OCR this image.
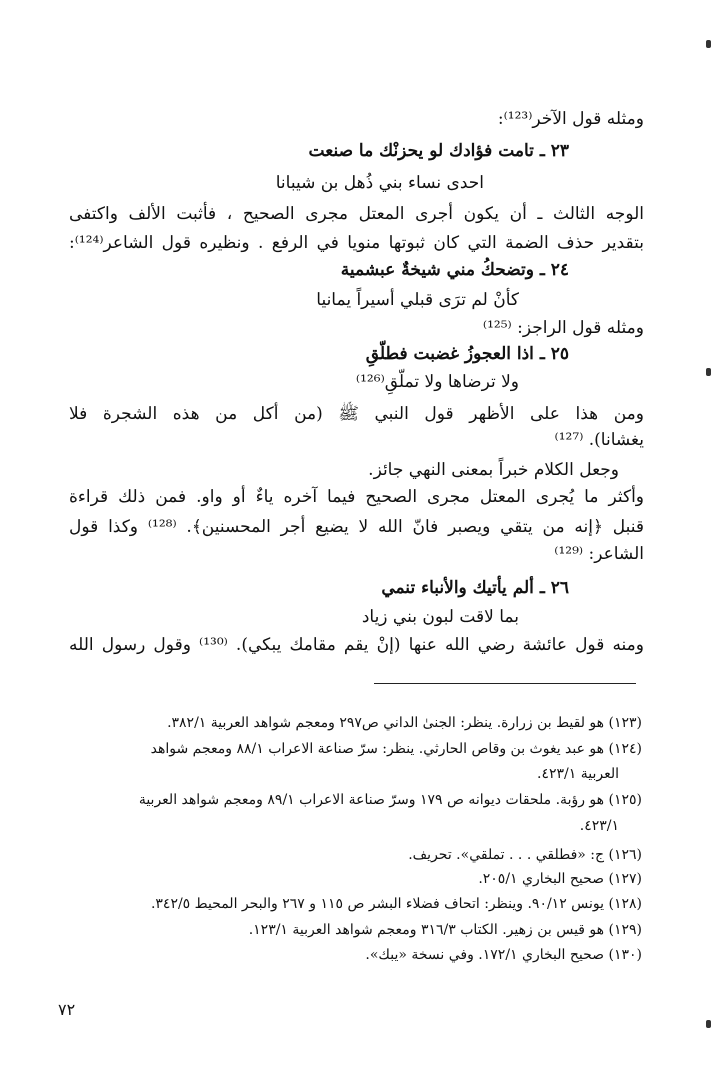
ومثله قول الآخر⁽¹²³⁾:
٢٣ ـ تامت فؤادك لو يحزنْك ما صنعت
احدى نساء بني ذُهل بن شيبانا
الوجه الثالث ـ أن يكون أجرى المعتل مجرى الصحيح ، فأثبت الألف واكتفى
بتقدير حذف الضمة التي كان ثبوتها منويا في الرفع . ونظيره قول الشاعر⁽¹²⁴⁾:
٢٤ ـ وتضحكُ مني شيخةٌ عبشمية
كأنْ لم ترَى قبلي أسيراً يمانيا
ومثله قول الراجز: ⁽¹²⁵⁾
٢٥ ـ اذا العجوزُ غضبت فطلّقِ
ولا ترضاها ولا تملّقِ⁽¹²⁶⁾
ومن هذا على الأظهر قول النبي ﷺ (من أكل من هذه الشجرة فلا
يغشانا). ⁽¹²⁷⁾
وجعل الكلام خبراً بمعنى النهي جائز.
وأكثر ما يُجرى المعتل مجرى الصحيح فيما آخره ياءٌ أو واو. فمن ذلك قراءة
قنبل ﴿إنه من يتقي ويصبر فانّ الله لا يضيع أجر المحسنين﴾. ⁽¹²⁸⁾ وكذا قول
الشاعر: ⁽¹²⁹⁾
٢٦ ـ ألم يأتيك والأنباء تنمي
بما لاقت لبون بني زياد
ومنه قول عائشة رضي الله عنها (إنْ يقم مقامك يبكي). ⁽¹³⁰⁾ وقول رسول الله
(١٢٣) هو لقيط بن زرارة. ينظر: الجنىٰ الداني ص٢٩٧ ومعجم شواهد العربية ٣٨٢/١.
(١٢٤) هو عبد يغوث بن وقاص الحارثي. ينظر: سرّ صناعة الاعراب ٨٨/١ ومعجم شواهد
العربية ٤٢٣/١.
(١٢٥) هو رؤبة. ملحقات ديوانه ص ١٧٩ وسرّ صناعة الاعراب ٨٩/١ ومعجم شواهد العربية
٤٢٣/١.
(١٢٦) ج: «فطلقي . . . تملقي». تحريف.
(١٢٧) صحيح البخاري ٢٠٥/١.
(١٢٨) يونس ٩٠/١٢. وينظر: اتحاف فضلاء البشر ص ١١٥ و ٢٦٧ والبحر المحيط ٣٤٢/٥.
(١٢٩) هو قيس بن زهير. الكتاب ٣١٦/٣ ومعجم شواهد العربية ١٢٣/١.
(١٣٠) صحيح البخاري ١٧٢/١. وفي نسخة «يبك».
٧٢
